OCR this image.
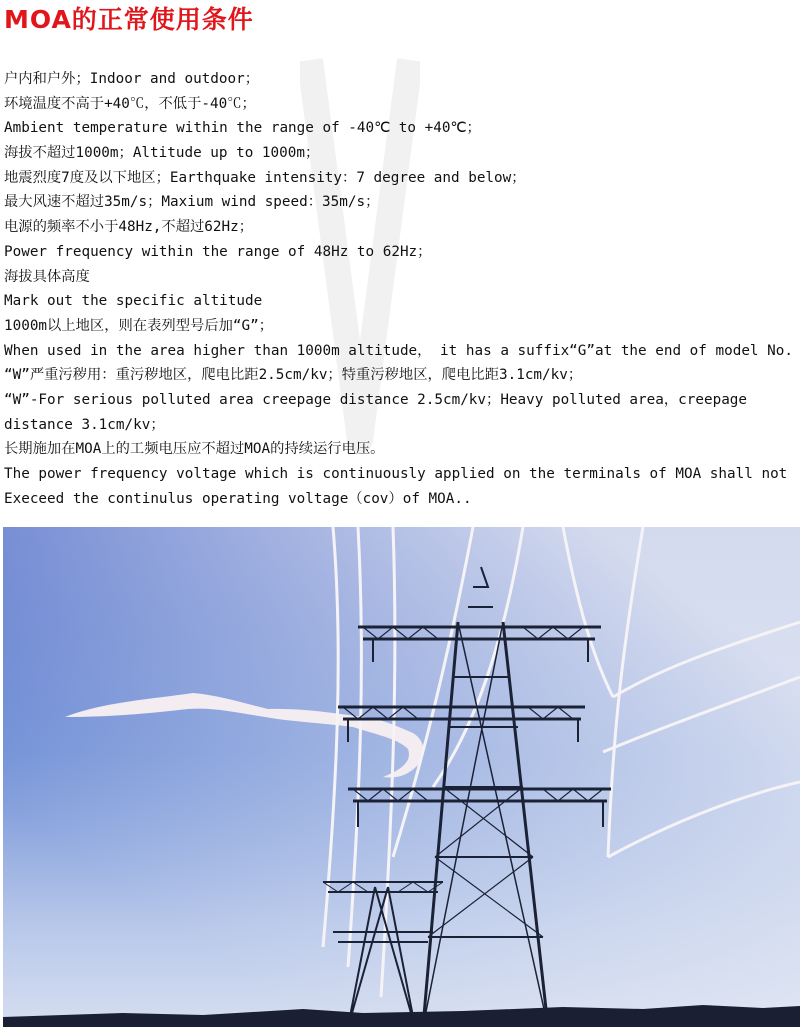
MOA的正常使用条件
户内和户外；Indoor and outdoor；
环境温度不高于+40℃，不低于-40℃；
Ambient temperature within the range of -40℃ to +40℃；
海拔不超过1000m；Altitude up to 1000m；
地震烈度7度及以下地区；Earthquake intensity：7 degree and below；
最大风速不超过35m/s；Maxium wind speed：35m/s；
电源的频率不小于48Hz,不超过62Hz；
Power frequency within the range of 48Hz to 62Hz；
海拔具体高度
Mark out the specific altitude
1000m以上地区，则在表列型号后加“G”；
When used in the area higher than 1000m altitude， it has a suffix“G”at the end of model No.
“W”严重污秽用：重污秽地区，爬电比距2.5cm/kv；特重污秽地区，爬电比距3.1cm/kv；
“W”-For serious polluted area creepage distance 2.5cm/kv；Heavy polluted area，creepage
distance 3.1cm/kv；
长期施加在MOA上的工频电压应不超过MOA的持续运行电压。
The power frequency voltage which is continuously applied on the terminals of MOA shall not
Execeed the continulus operating voltage（cov）of MOA..
